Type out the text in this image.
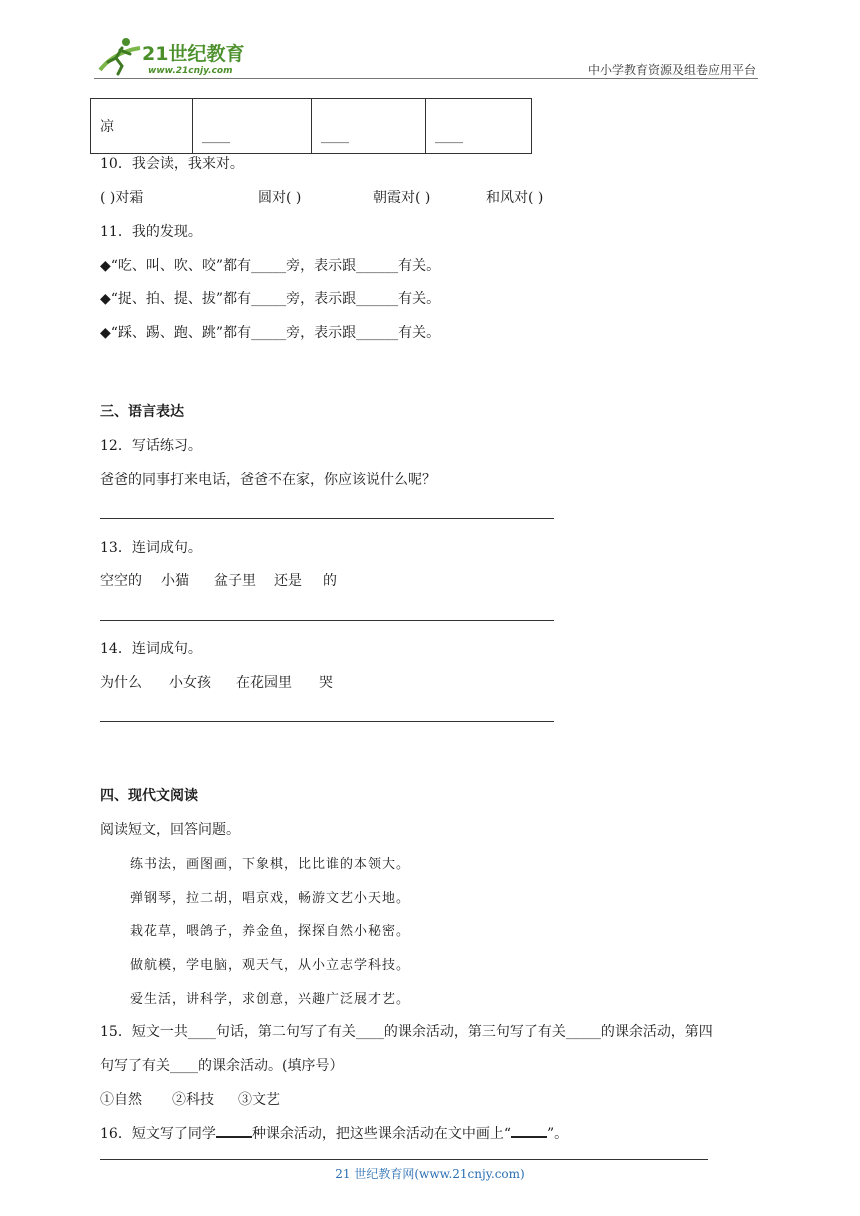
21世纪教育
www.21cnjy.com	中小学教育资源及组卷应用平台
凉	____	____	____
10．我会读，我来对。
( )对霜	圆对( )	朝霞对( )	和风对( )
11．我的发现。
◆“吃、叫、吹、咬”都有_____旁，表示跟______有关。
◆“捉、拍、提、拔”都有_____旁，表示跟______有关。
◆“踩、踢、跑、跳”都有_____旁，表示跟______有关。
三、语言表达
12．写话练习。
爸爸的同事打来电话，爸爸不在家，你应该说什么呢？
13．连词成句。
空空的 小猫 盆子里 还是 的
14．连词成句。
为什么 小女孩 在花园里 哭
四、现代文阅读
阅读短文，回答问题。
练书法，画图画，下象棋，比比谁的本领大。
弹钢琴，拉二胡，唱京戏，畅游文艺小天地。
栽花草，喂鸽子，养金鱼，探探自然小秘密。
做航模，学电脑，观天气，从小立志学科技。
爱生活，讲科学，求创意，兴趣广泛展才艺。
15．短文一共____句话，第二句写了有关____的课余活动，第三句写了有关_____的课余活动，第四
句写了有关____的课余活动。(填序号）
①自然 ②科技 ③文艺
16．短文写了同学	种课余活动，把这些课余活动在文中画上“	”。
21 世纪教育网(www.21cnjy.com)
